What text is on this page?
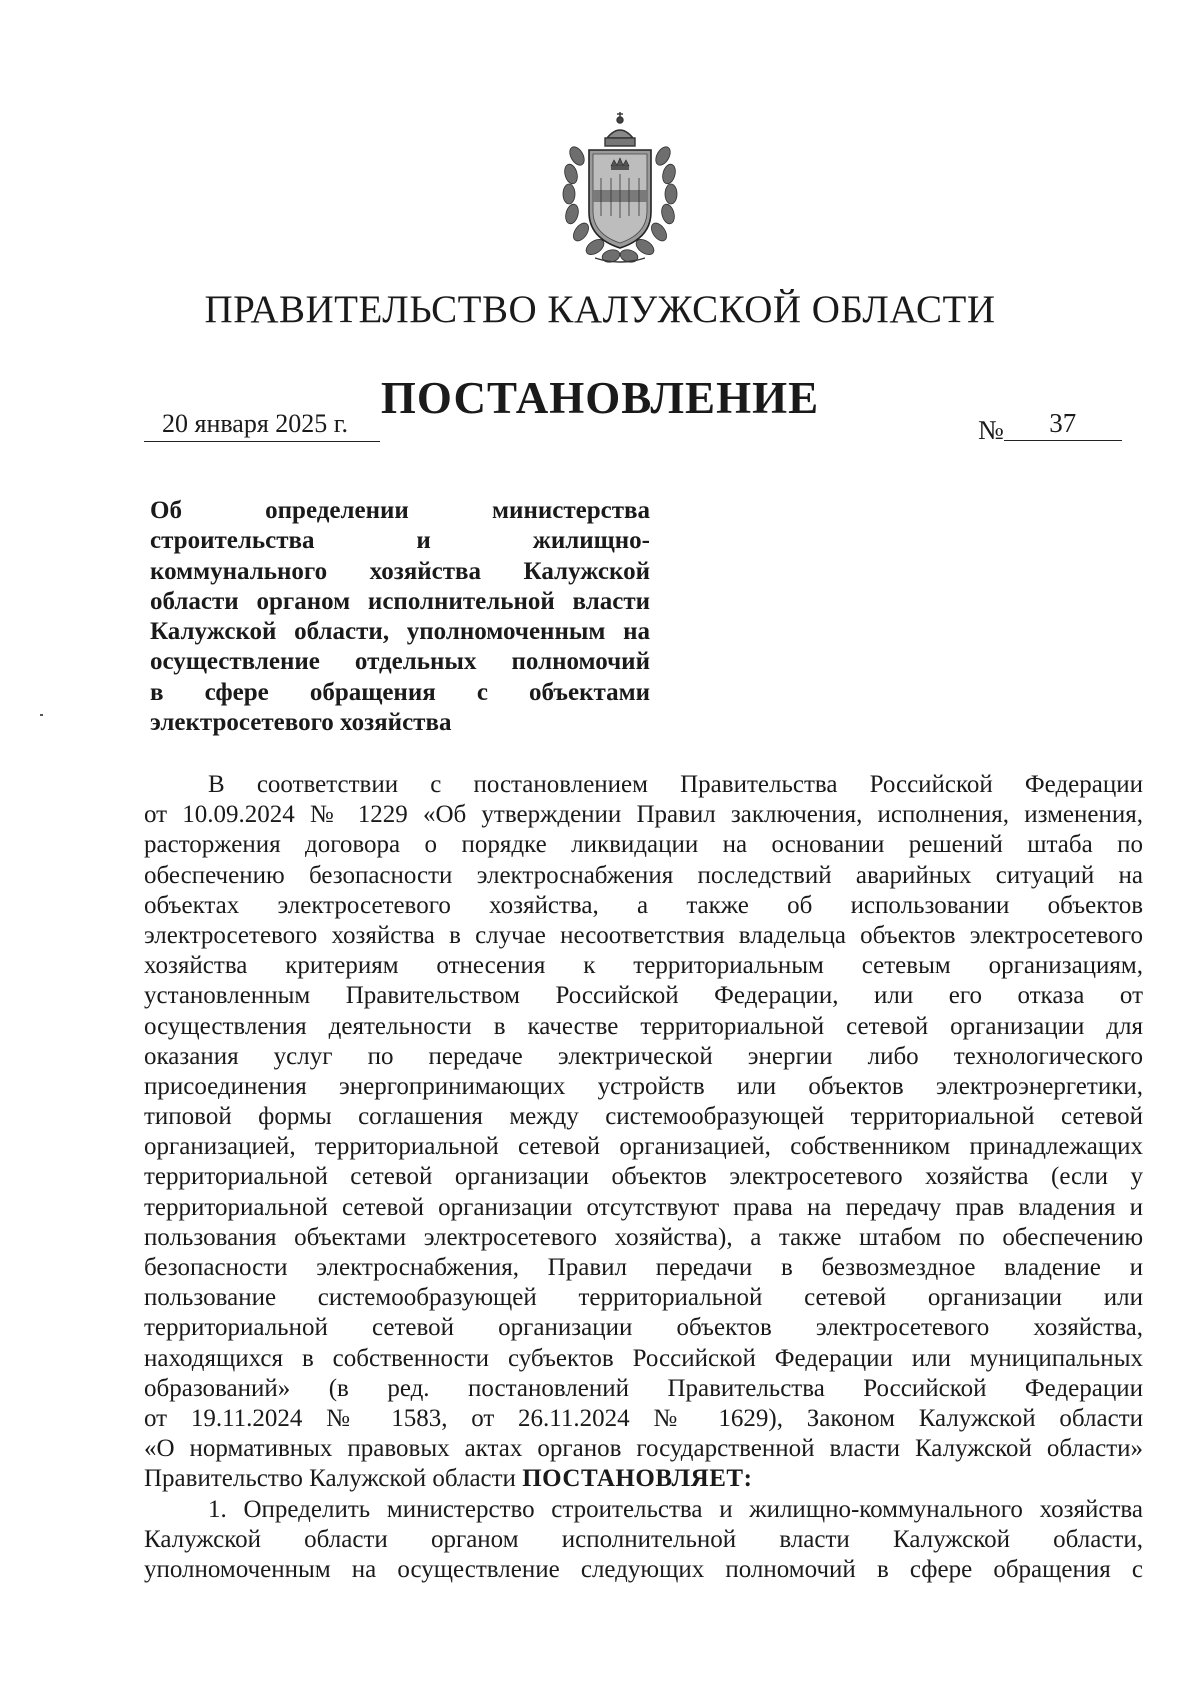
ПРАВИТЕЛЬСТВО КАЛУЖСКОЙ ОБЛАСТИ
ПОСТАНОВЛЕНИЕ
20 января 2025 г.	№ 37
Об определении министерства
строительства и жилищно-
коммунального хозяйства Калужской
области органом исполнительной власти
Калужской области, уполномоченным на
осуществление отдельных полномочий
в сфере обращения с объектами
электросетевого хозяйства
В соответствии с постановлением Правительства Российской Федерации
от 10.09.2024 № 1229 «Об утверждении Правил заключения, исполнения, изменения,
расторжения договора о порядке ликвидации на основании решений штаба по
обеспечению безопасности электроснабжения последствий аварийных ситуаций на
объектах электросетевого хозяйства, а также об использовании объектов
электросетевого хозяйства в случае несоответствия владельца объектов электросетевого
хозяйства критериям отнесения к территориальным сетевым организациям,
установленным Правительством Российской Федерации, или его отказа от
осуществления деятельности в качестве территориальной сетевой организации для
оказания услуг по передаче электрической энергии либо технологического
присоединения энергопринимающих устройств или объектов электроэнергетики,
типовой формы соглашения между системообразующей территориальной сетевой
организацией, территориальной сетевой организацией, собственником принадлежащих
территориальной сетевой организации объектов электросетевого хозяйства (если у
территориальной сетевой организации отсутствуют права на передачу прав владения и
пользования объектами электросетевого хозяйства), а также штабом по обеспечению
безопасности электроснабжения, Правил передачи в безвозмездное владение и
пользование системообразующей территориальной сетевой организации или
территориальной сетевой организации объектов электросетевого хозяйства,
находящихся в собственности субъектов Российской Федерации или муниципальных
образований» (в ред. постановлений Правительства Российской Федерации
от 19.11.2024 № 1583, от 26.11.2024 № 1629), Законом Калужской области
«О нормативных правовых актах органов государственной власти Калужской области»
Правительство Калужской области ПОСТАНОВЛЯЕТ:
1. Определить министерство строительства и жилищно-коммунального хозяйства
Калужской области органом исполнительной власти Калужской области,
уполномоченным на осуществление следующих полномочий в сфере обращения с
